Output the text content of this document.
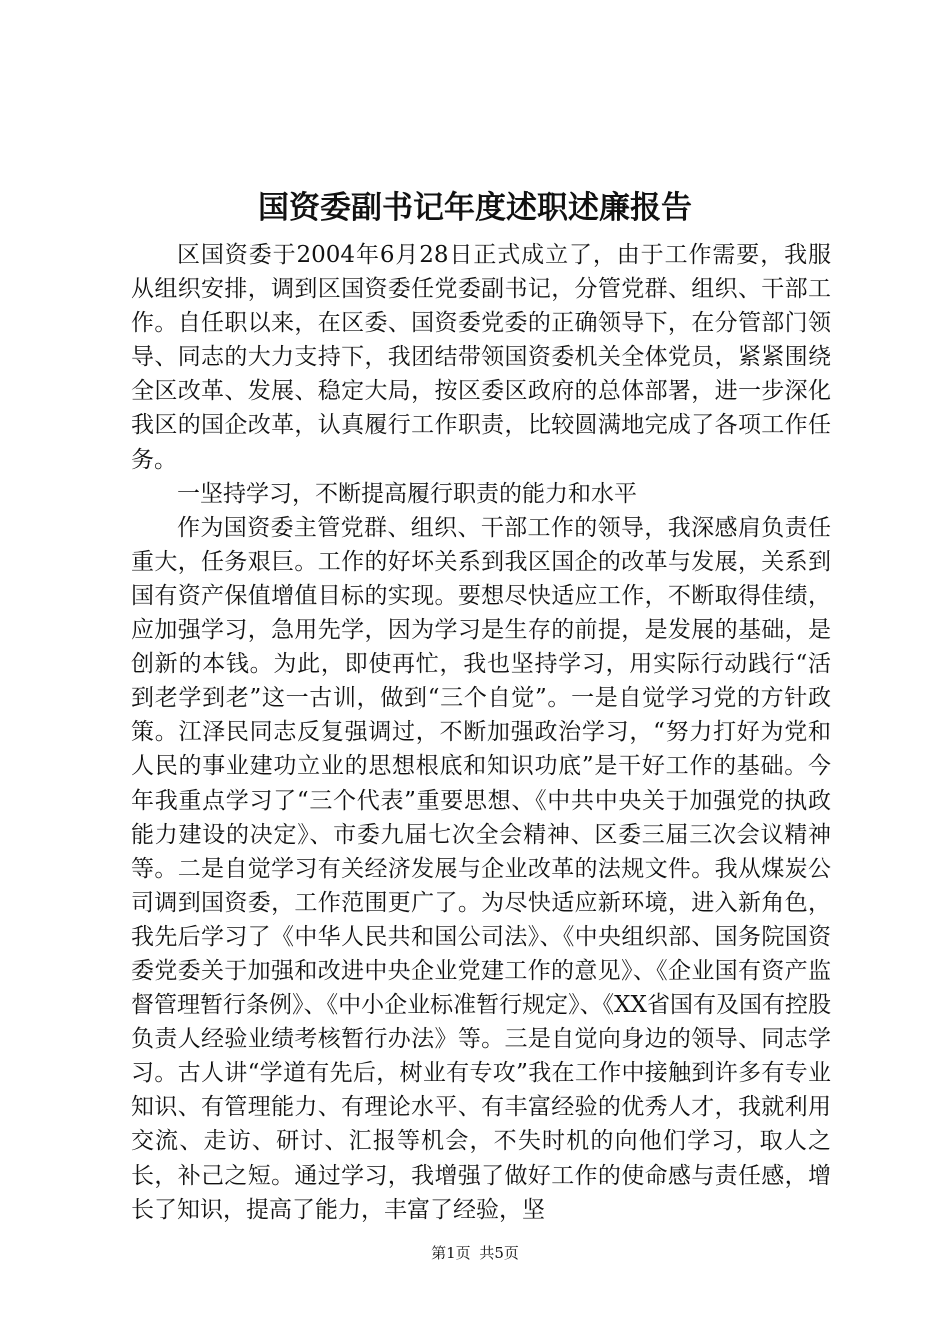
国资委副书记年度述职述廉报告

区国资委于2004年6月28日正式成立了，由于工作需要，我服从组织安排，调到区国资委任党委副书记，分管党群、组织、干部工作。自任职以来，在区委、国资委党委的正确领导下，在分管部门领导、同志的大力支持下，我团结带领国资委机关全体党员，紧紧围绕全区改革、发展、稳定大局，按区委区政府的总体部署，进一步深化我区的国企改革，认真履行工作职责，比较圆满地完成了各项工作任务。

一坚持学习，不断提高履行职责的能力和水平

作为国资委主管党群、组织、干部工作的领导，我深感肩负责任重大，任务艰巨。工作的好坏关系到我区国企的改革与发展，关系到国有资产保值增值目标的实现。要想尽快适应工作，不断取得佳绩，应加强学习，急用先学，因为学习是生存的前提，是发展的基础，是创新的本钱。为此，即使再忙，我也坚持学习，用实际行动践行“活到老学到老”这一古训，做到“三个自觉”。一是自觉学习党的方针政策。江泽民同志反复强调过，不断加强政治学习，“努力打好为党和人民的事业建功立业的思想根底和知识功底”是干好工作的基础。今年我重点学习了“三个代表”重要思想、《中共中央关于加强党的执政能力建设的决定》、市委九届七次全会精神、区委三届三次会议精神等。二是自觉学习有关经济发展与企业改革的法规文件。我从煤炭公司调到国资委，工作范围更广了。为尽快适应新环境，进入新角色，我先后学习了《中华人民共和国公司法》、《中央组织部、国务院国资委党委关于加强和改进中央企业党建工作的意见》、《企业国有资产监督管理暂行条例》、《中小企业标准暂行规定》、《XX省国有及国有控股负责人经验业绩考核暂行办法》等。三是自觉向身边的领导、同志学习。古人讲“学道有先后，树业有专攻”我在工作中接触到许多有专业知识、有管理能力、有理论水平、有丰富经验的优秀人才，我就利用交流、走访、研讨、汇报等机会，不失时机的向他们学习，取人之长，补己之短。通过学习，我增强了做好工作的使命感与责任感，增长了知识，提高了能力，丰富了经验，坚

第1页 共5页
